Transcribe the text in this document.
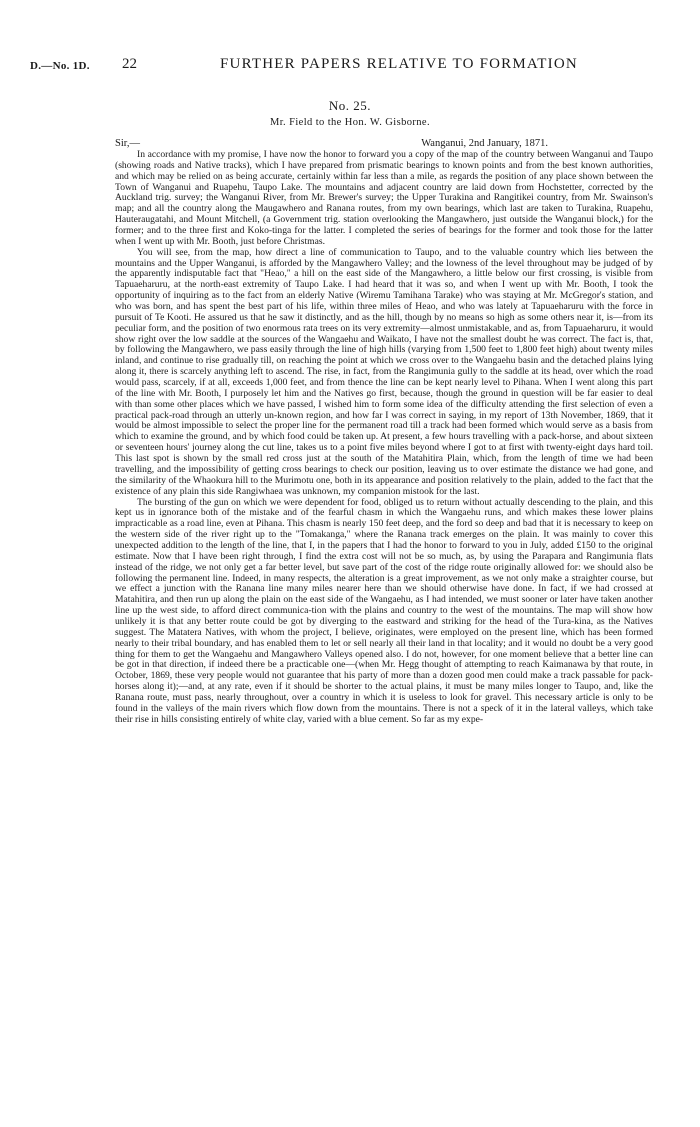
D.—No. 1D. 22	FURTHER PAPERS RELATIVE TO FORMATION
No. 25.
Mr. Field to the Hon. W. Gisborne.
Sir,—	Wanganui, 2nd January, 1871.

In accordance with my promise, I have now the honor to forward you a copy of the map of the country between Wanganui and Taupo (showing roads and Native tracks), which I have prepared from prismatic bearings to known points and from the best known authorities, and which may be relied on as being accurate, certainly within far less than a mile, as regards the position of any place shown between the Town of Wanganui and Ruapehu, Taupo Lake. The mountains and adjacent country are laid down from Hochstetter, corrected by the Auckland trig. survey; the Wanganui River, from Mr. Brewer's survey; the Upper Turakina and Rangitikei country, from Mr. Swainson's map; and all the country along the Maugawhero and Ranana routes, from my own bearings, which last are taken to Turakina, Ruapehu, Hauteraugatahi, and Mount Mitchell, (a Government trig. station overlooking the Mangawhero, just outside the Wanganui block,) for the former; and to the three first and Koko-tinga for the latter. I completed the series of bearings for the former and took those for the latter when I went up with Mr. Booth, just before Christmas.

You will see, from the map, how direct a line of communication to Taupo, and to the valuable country which lies between the mountains and the Upper Wanganui, is afforded by the Mangawhero Valley; and the lowness of the level throughout may be judged of by the apparently indisputable fact that "Heao," a hill on the east side of the Mangawhero, a little below our first crossing, is visible from Tapuaeharuru, at the north-east extremity of Taupo Lake. I had heard that it was so, and when I went up with Mr. Booth, I took the opportunity of inquiring as to the fact from an elderly Native (Wiremu Tamihana Tarake) who was staying at Mr. McGregor's station, and who was born, and has spent the best part of his life, within three miles of Heao, and who was lately at Tapuaeharuru with the force in pursuit of Te Kooti. He assured us that he saw it distinctly, and as the hill, though by no means so high as some others near it, is—from its peculiar form, and the position of two enormous rata trees on its very extremity—almost unmistakable, and as, from Tapuaeharuru, it would show right over the low saddle at the sources of the Wangaehu and Waikato, I have not the smallest doubt he was correct. The fact is, that, by following the Mangawhero, we pass easily through the line of high hills (varying from 1,500 feet to 1,800 feet high) about twenty miles inland, and continue to rise gradually till, on reaching the point at which we cross over to the Wangaehu basin and the detached plains lying along it, there is scarcely anything left to ascend. The rise, in fact, from the Rangimunia gully to the saddle at its head, over which the road would pass, scarcely, if at all, exceeds 1,000 feet, and from thence the line can be kept nearly level to Pihana. When I went along this part of the line with Mr. Booth, I purposely let him and the Natives go first, because, though the ground in question will be far easier to deal with than some other places which we have passed, I wished him to form some idea of the difficulty attending the first selection of even a practical pack-road through an utterly un-known region, and how far I was correct in saying, in my report of 13th November, 1869, that it would be almost impossible to select the proper line for the permanent road till a track had been formed which would serve as a basis from which to examine the ground, and by which food could be taken up. At present, a few hours travelling with a pack-horse, and about sixteen or seventeen hours' journey along the cut line, takes us to a point five miles beyond where I got to at first with twenty-eight days hard toil. This last spot is shown by the small red cross just at the south of the Matahitira Plain, which, from the length of time we had been travelling, and the impossibility of getting cross bearings to check our position, leaving us to over estimate the distance we had gone, and the similarity of the Whaokura hill to the Murimotu one, both in its appearance and position relatively to the plain, added to the fact that the existence of any plain this side Rangiwhaea was unknown, my companion mistook for the last.

The bursting of the gun on which we were dependent for food, obliged us to return without actually descending to the plain, and this kept us in ignorance both of the mistake and of the fearful chasm in which the Wangaehu runs, and which makes these lower plains impracticable as a road line, even at Pihana. This chasm is nearly 150 feet deep, and the ford so deep and bad that it is necessary to keep on the western side of the river right up to the "Tomakanga," where the Ranana track emerges on the plain. It was mainly to cover this unexpected addition to the length of the line, that I, in the papers that I had the honor to forward to you in July, added £150 to the original estimate. Now that I have been right through, I find the extra cost will not be so much, as, by using the Parapara and Rangimunia flats instead of the ridge, we not only get a far better level, but save part of the cost of the ridge route originally allowed for: we should also be following the permanent line. Indeed, in many respects, the alteration is a great improvement, as we not only make a straighter course, but we effect a junction with the Ranana line many miles nearer here than we should otherwise have done. In fact, if we had crossed at Matahitira, and then run up along the plain on the east side of the Wangaehu, as I had intended, we must sooner or later have taken another line up the west side, to afford direct communica-tion with the plains and country to the west of the mountains. The map will show how unlikely it is that any better route could be got by diverging to the eastward and striking for the head of the Tura-kina, as the Natives suggest. The Matatera Natives, with whom the project, I believe, originates, were employed on the present line, which has been formed nearly to their tribal boundary, and has enabled them to let or sell nearly all their land in that locality; and it would no doubt be a very good thing for them to get the Wangaehu and Mangawhero Valleys opened also. I do not, however, for one moment believe that a better line can be got in that direction, if indeed there be a practicable one—(when Mr. Hegg thought of attempting to reach Kaimanawa by that route, in October, 1869, these very people would not guarantee that his party of more than a dozen good men could make a track passable for pack-horses along it);—and, at any rate, even if it should be shorter to the actual plains, it must be many miles longer to Taupo, and, like the Ranana route, must pass, nearly throughout, over a country in which it is useless to look for gravel. This necessary article is only to be found in the valleys of the main rivers which flow down from the mountains. There is not a speck of it in the lateral valleys, which take their rise in hills consisting entirely of white clay, varied with a blue cement. So far as my expe-
